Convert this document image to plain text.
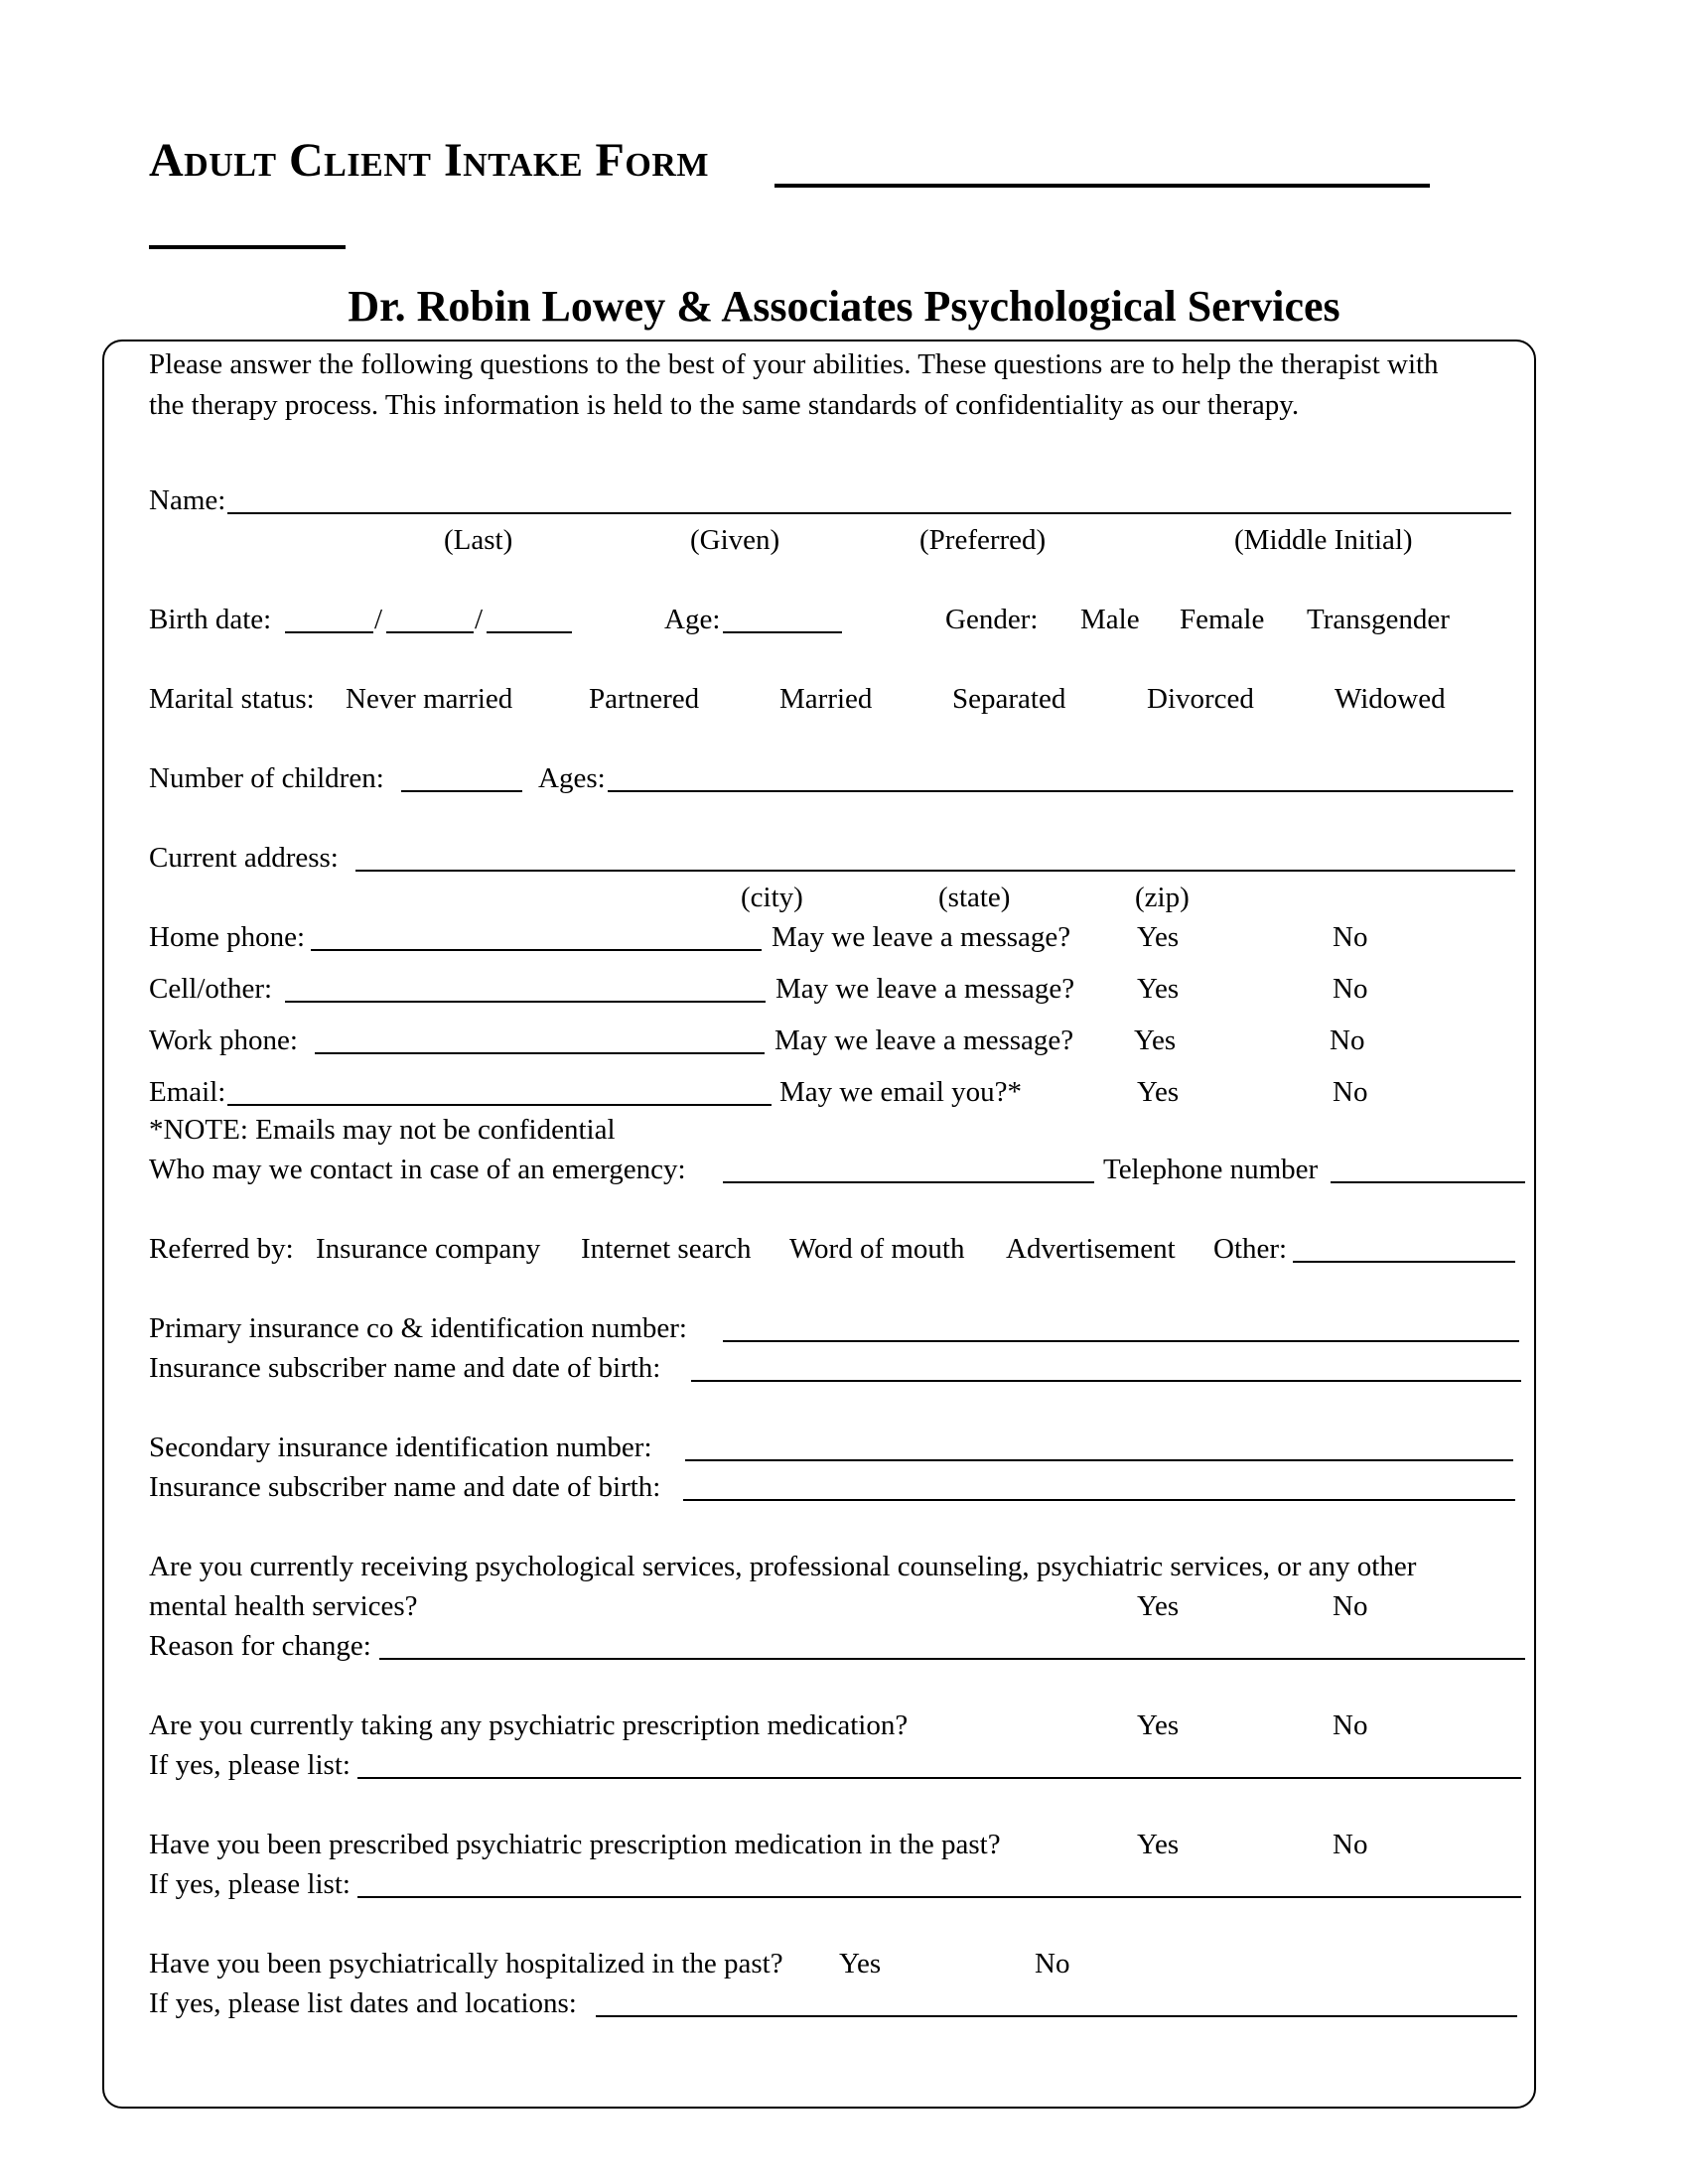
Adult Client Intake Form
Dr. Robin Lowey & Associates Psychological Services
Please answer the following questions to the best of your abilities. These questions are to help the therapist with
the therapy process. This information is held to the same standards of confidentiality as our therapy.
Name:
(Last)	(Given)	(Preferred)	(Middle Initial)
Birth date:	/	/	Age:	Gender: Male Female Transgender
Marital status: Never married	Partnered	Married	Separated	Divorced	Widowed
Number of children:	Ages:
Current address:
(city)	(state)	(zip)
Home phone:	May we leave a message? Yes	No
Cell/other:	May we leave a message? Yes	No
Work phone:	May we leave a message? Yes	No
Email:	May we email you?*	Yes	No
*NOTE: Emails may not be confidential
Who may we contact in case of an emergency:	Telephone number
Referred by: Insurance company Internet search Word of mouth Advertisement Other:
Primary insurance co & identification number:
Insurance subscriber name and date of birth:
Secondary insurance identification number:
Insurance subscriber name and date of birth:
Are you currently receiving psychological services, professional counseling, psychiatric services, or any other
mental health services?	Yes	No
Reason for change:
Are you currently taking any psychiatric prescription medication?	Yes	No
If yes, please list:
Have you been prescribed psychiatric prescription medication in the past?	Yes	No
If yes, please list:
Have you been psychiatrically hospitalized in the past? Yes	No
If yes, please list dates and locations:
